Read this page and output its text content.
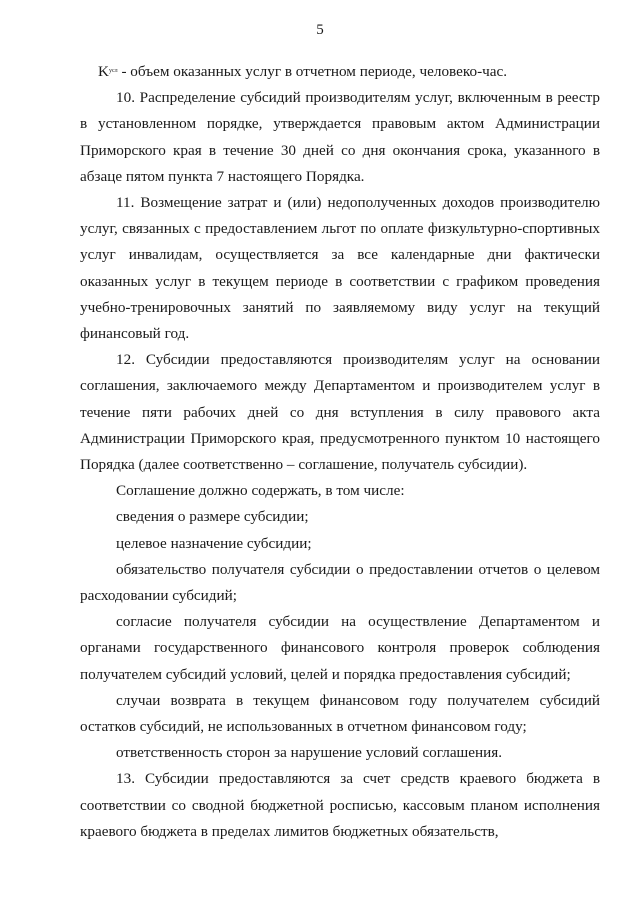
5

$K^{усл}$ - объем оказанных услуг в отчетном периоде, человеко-час.

10. Распределение субсидий производителям услуг, включенным в реестр в установленном порядке, утверждается правовым актом Администрации Приморского края в течение 30 дней со дня окончания срока, указанного в абзаце пятом пункта 7 настоящего Порядка.

11. Возмещение затрат и (или) недополученных доходов производителю услуг, связанных с предоставлением льгот по оплате физкультурно-спортивных услуг инвалидам, осуществляется за все календарные дни фактически оказанных услуг в текущем периоде в соответствии с графиком проведения учебно-тренировочных занятий по заявляемому виду услуг на текущий финансовый год.

12. Субсидии предоставляются производителям услуг на основании соглашения, заключаемого между Департаментом и производителем услуг в течение пяти рабочих дней со дня вступления в силу правового акта Администрации Приморского края, предусмотренного пунктом 10 настоящего Порядка (далее соответственно – соглашение, получатель субсидии).

Соглашение должно содержать, в том числе:

сведения о размере субсидии;

целевое назначение субсидии;

обязательство получателя субсидии о предоставлении отчетов о целевом расходовании субсидий;

согласие получателя субсидии на осуществление Департаментом и органами государственного финансового контроля проверок соблюдения получателем субсидий условий, целей и порядка предоставления субсидий;

случаи возврата в текущем финансовом году получателем субсидий остатков субсидий, не использованных в отчетном финансовом году;

ответственность сторон за нарушение условий соглашения.

13. Субсидии предоставляются за счет средств краевого бюджета в соответствии со сводной бюджетной росписью, кассовым планом исполнения краевого бюджета в пределах лимитов бюджетных обязательств,
